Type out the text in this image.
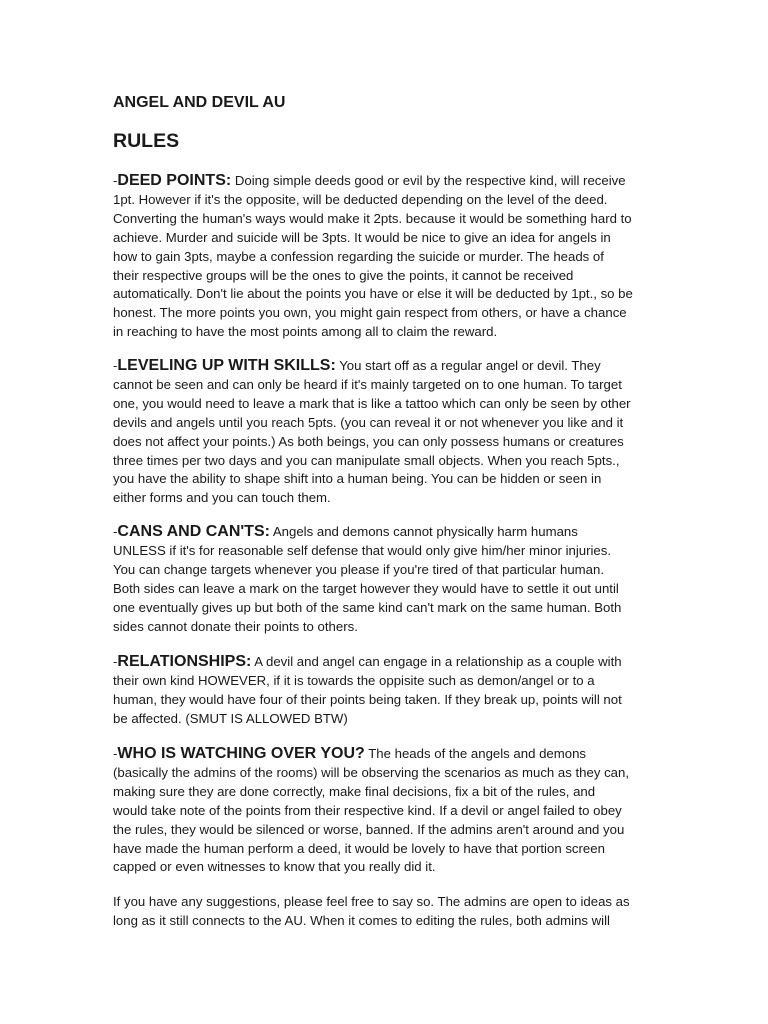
ANGEL AND DEVIL AU
RULES

-DEED POINTS: Doing simple deeds good or evil by the respective kind, will receive 1pt. However if it's the opposite, will be deducted depending on the level of the deed. Converting the human's ways would make it 2pts. because it would be something hard to achieve. Murder and suicide will be 3pts. It would be nice to give an idea for angels in how to gain 3pts, maybe a confession regarding the suicide or murder. The heads of their respective groups will be the ones to give the points, it cannot be received automatically. Don't lie about the points you have or else it will be deducted by 1pt., so be honest. The more points you own, you might gain respect from others, or have a chance in reaching to have the most points among all to claim the reward.

-LEVELING UP WITH SKILLS: You start off as a regular angel or devil. They cannot be seen and can only be heard if it's mainly targeted on to one human. To target one, you would need to leave a mark that is like a tattoo which can only be seen by other devils and angels until you reach 5pts. (you can reveal it or not whenever you like and it does not affect your points.) As both beings, you can only possess humans or creatures three times per two days and you can manipulate small objects. When you reach 5pts., you have the ability to shape shift into a human being. You can be hidden or seen in either forms and you can touch them.

-CANS AND CAN'TS: Angels and demons cannot physically harm humans UNLESS if it's for reasonable self defense that would only give him/her minor injuries. You can change targets whenever you please if you're tired of that particular human. Both sides can leave a mark on the target however they would have to settle it out until one eventually gives up but both of the same kind can't mark on the same human. Both sides cannot donate their points to others.

-RELATIONSHIPS: A devil and angel can engage in a relationship as a couple with their own kind HOWEVER, if it is towards the oppisite such as demon/angel or to a human, they would have four of their points being taken. If they break up, points will not be affected. (SMUT IS ALLOWED BTW)

-WHO IS WATCHING OVER YOU? The heads of the angels and demons (basically the admins of the rooms) will be observing the scenarios as much as they can, making sure they are done correctly, make final decisions, fix a bit of the rules, and would take note of the points from their respective kind. If a devil or angel failed to obey the rules, they would be silenced or worse, banned. If the admins aren't around and you have made the human perform a deed, it would be lovely to have that portion screen capped or even witnesses to know that you really did it.

If you have any suggestions, please feel free to say so. The admins are open to ideas as long as it still connects to the AU. When it comes to editing the rules, both admins will
